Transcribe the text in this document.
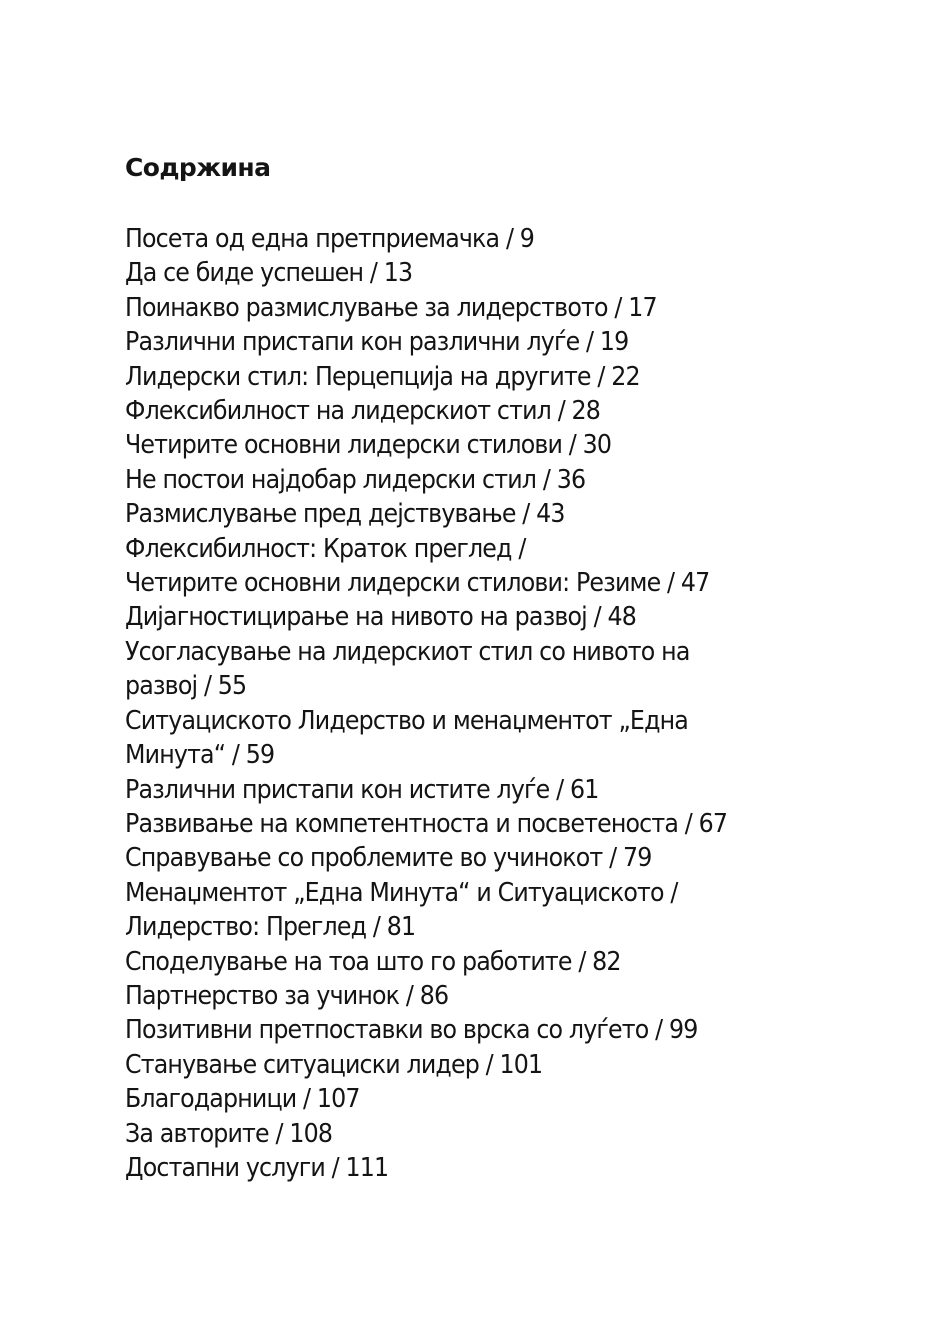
Содржина
Посета од една претприемачка / 9
Да се биде успешен / 13
Поинакво размислување за лидерството / 17
Различни пристапи кон различни луѓе / 19
Лидерски стил: Перцепција на другите / 22
Флексибилност на лидерскиот стил / 28
Четирите основни лидерски стилови / 30
Не постои најдобар лидерски стил / 36
Размислување пред дејствување / 43
Флексибилност: Краток преглед /
Четирите основни лидерски стилови: Резиме / 47
Дијагностицирање на нивото на развој / 48
Усогласување на лидерскиот стил со нивото на
развој / 55
Ситуациското Лидерство и менаџментот „Една
Минута“ / 59
Различни пристапи кон истите луѓе / 61
Развивање на компетентноста и посветеноста / 67
Справување со проблемите во учинокот / 79
Менаџментот „Една Минута“ и Ситуациското /
Лидерство: Преглед / 81
Споделување на тоа што го работите / 82
Партнерство за учинок / 86
Позитивни претпоставки во врска со луѓето / 99
Станување ситуациски лидер / 101
Благодарници / 107
За авторите / 108
Достапни услуги / 111
